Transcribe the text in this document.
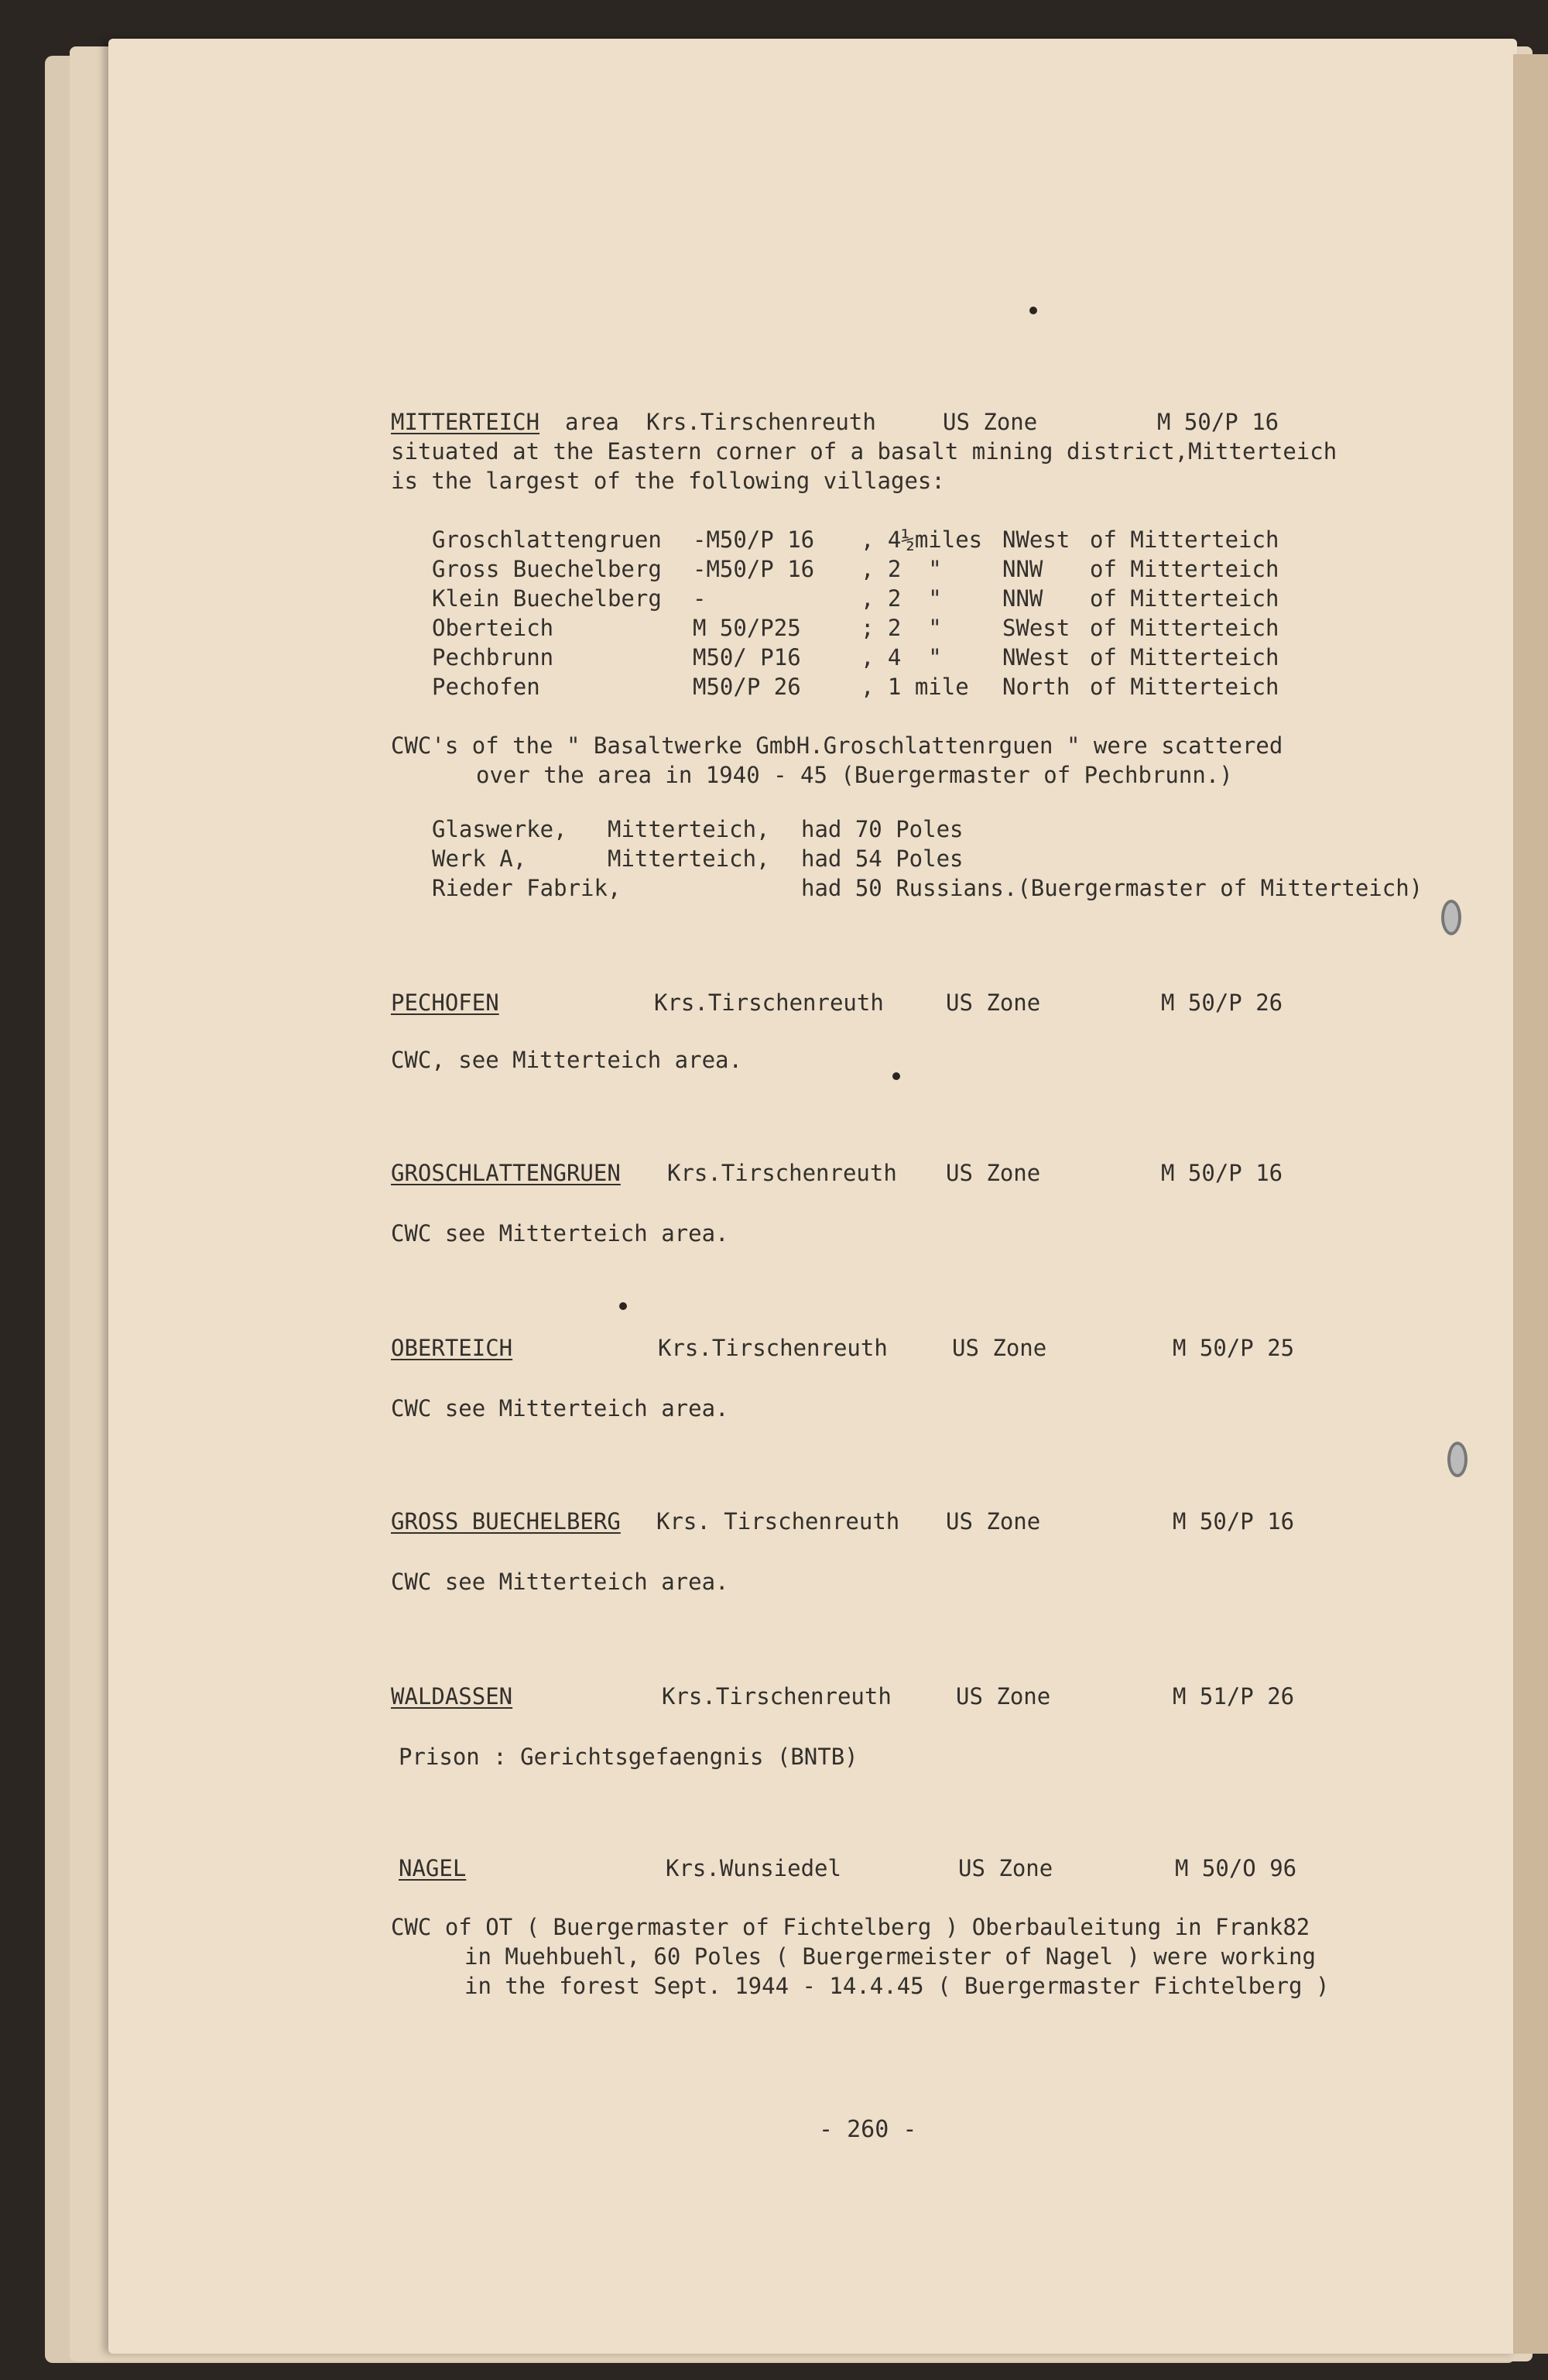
MITTERTEICH area Krs.Tirschenreuth	US Zone	M 50/P 16
situated at the Eastern corner of a basalt mining district,Mitterteich
is the largest of the following villages:
Groschlattengruen -M50/P 16 , 4½miles NWest of Mitterteich
Gross Buechelberg -M50/P 16 , 2  "	NNW of Mitterteich
Klein Buechelberg -	, 2  "	NNW of Mitterteich
Oberteich	M 50/P25	; 2  "	SWest of Mitterteich
Pechbrunn	M50/ P16	, 4  "	NWest of Mitterteich
Pechofen	M50/P 26	, 1 mile North of Mitterteich
CWC's of the " Basaltwerke GmbH.Groschlattenrguen " were scattered
over the area in 1940 - 45 (Buergermaster of Pechbrunn.)
Glaswerke, Mitterteich, had 70 Poles
Werk A,	Mitterteich, had 54 Poles
Rieder Fabrik,	had 50 Russians.(Buergermaster of Mitterteich)
PECHOFEN	Krs.Tirschenreuth	US Zone	M 50/P 26
CWC, see Mitterteich area.
GROSCHLATTENGRUEN Krs.Tirschenreuth US Zone	M 50/P 16
CWC see Mitterteich area.
OBERTEICH	Krs.Tirschenreuth	US Zone	M 50/P 25
CWC see Mitterteich area.
GROSS BUECHELBERG Krs. Tirschenreuth US Zone	M 50/P 16
CWC see Mitterteich area.
WALDASSEN	Krs.Tirschenreuth	US Zone	M 51/P 26
Prison : Gerichtsgefaengnis (BNTB)
NAGEL	Krs.Wunsiedel	US Zone	M 50/O 96
CWC of OT ( Buergermaster of Fichtelberg ) Oberbauleitung in Frank82
in Muehbuehl, 60 Poles ( Buergermeister of Nagel ) were working
in the forest Sept. 1944 - 14.4.45 ( Buergermaster Fichtelberg )
- 260 -
